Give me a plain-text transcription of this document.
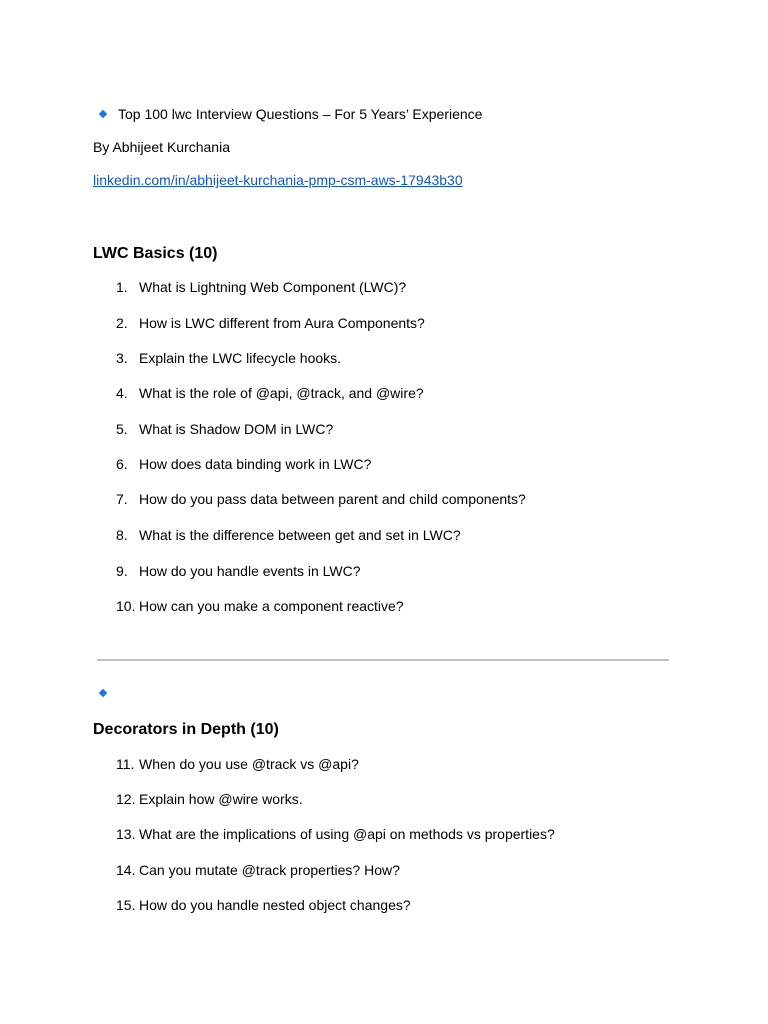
Top 100 lwc Interview Questions – For 5 Years’ Experience
By Abhijeet Kurchania
linkedin.com/in/abhijeet-kurchania-pmp-csm-aws-17943b30
LWC Basics (10)
1. What is Lightning Web Component (LWC)?
2. How is LWC different from Aura Components?
3. Explain the LWC lifecycle hooks.
4. What is the role of @api, @track, and @wire?
5. What is Shadow DOM in LWC?
6. How does data binding work in LWC?
7. How do you pass data between parent and child components?
8. What is the difference between get and set in LWC?
9. How do you handle events in LWC?
10. How can you make a component reactive?
Decorators in Depth (10)
11. When do you use @track vs @api?
12. Explain how @wire works.
13. What are the implications of using @api on methods vs properties?
14. Can you mutate @track properties? How?
15. How do you handle nested object changes?
